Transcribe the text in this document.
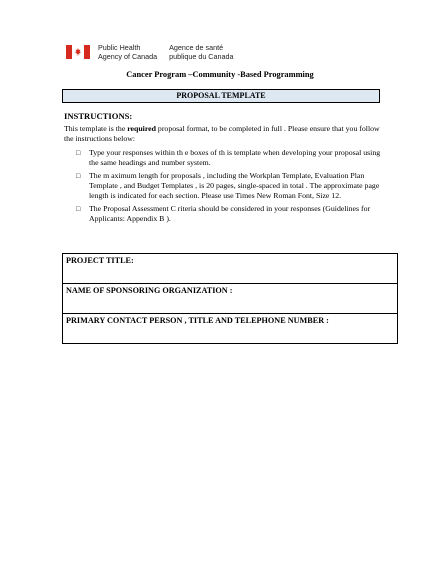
Public Health
Agency of Canada

Agence de santé
publique du Canada
Cancer Program –Community -Based Programming
PROPOSAL TEMPLATE
INSTRUCTIONS:
This template is the required proposal format, to be completed in full . Please ensure that you follow the instructions below:
□	Type your responses within th e boxes of th is template when developing your proposal using the same headings and number system.
□	The m aximum length for proposals , including the Workplan Template, Evaluation Plan Template , and Budget Templates , is 20 pages, single-spaced in total . The approximate page length is indicated for each section. Please use Times New Roman Font, Size 12.
□	The Proposal Assessment C riteria should be considered in your responses (Guidelines for Applicants: Appendix B ).
PROJECT TITLE:
NAME OF SPONSORING ORGANIZATION :
PRIMARY CONTACT PERSON , TITLE AND TELEPHONE NUMBER :
